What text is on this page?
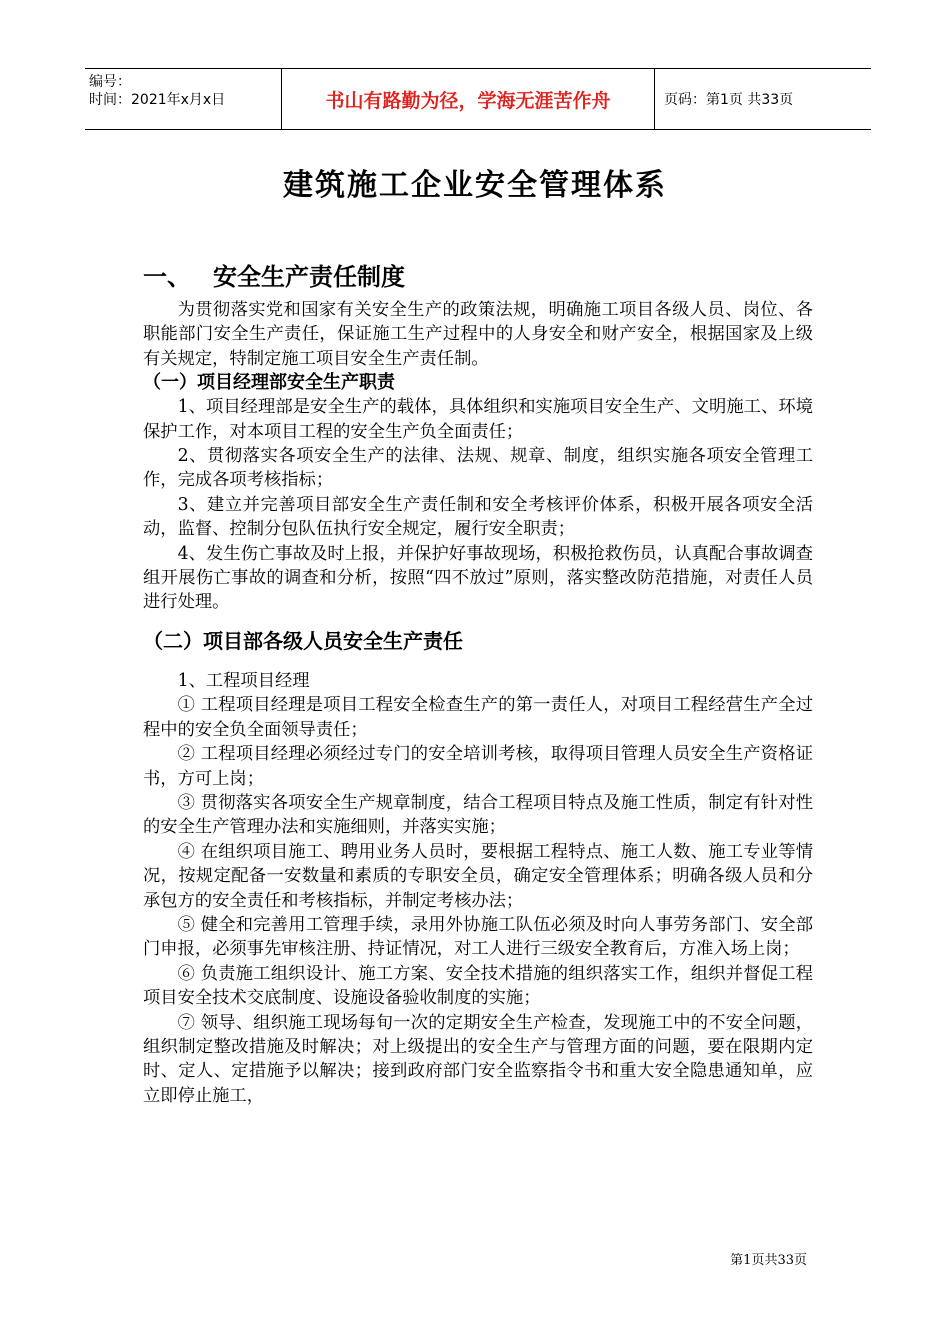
编号：
时间：2021年x月x日	书山有路勤为径，学海无涯苦作舟	页码：第1页 共33页
建筑施工企业安全管理体系
一、 安全生产责任制度

为贯彻落实党和国家有关安全生产的政策法规，明确施工项目各级人员、岗位、各职能部门安全生产责任，保证施工生产过程中的人身安全和财产安全，根据国家及上级有关规定，特制定施工项目安全生产责任制。

（一）项目经理部安全生产职责

1、项目经理部是安全生产的载体，具体组织和实施项目安全生产、文明施工、环境保护工作，对本项目工程的安全生产负全面责任；

2、贯彻落实各项安全生产的法律、法规、规章、制度，组织实施各项安全管理工作，完成各项考核指标；

3、建立并完善项目部安全生产责任制和安全考核评价体系，积极开展各项安全活动，监督、控制分包队伍执行安全规定，履行安全职责；

4、发生伤亡事故及时上报，并保护好事故现场，积极抢救伤员，认真配合事故调查组开展伤亡事故的调查和分析，按照“四不放过”原则，落实整改防范措施，对责任人员进行处理。

（二）项目部各级人员安全生产责任

1、工程项目经理

① 工程项目经理是项目工程安全检查生产的第一责任人，对项目工程经营生产全过程中的安全负全面领导责任；

② 工程项目经理必须经过专门的安全培训考核，取得项目管理人员安全生产资格证书，方可上岗；

③ 贯彻落实各项安全生产规章制度，结合工程项目特点及施工性质，制定有针对性的安全生产管理办法和实施细则，并落实实施；

④ 在组织项目施工、聘用业务人员时，要根据工程特点、施工人数、施工专业等情况，按规定配备一安数量和素质的专职安全员，确定安全管理体系；明确各级人员和分承包方的安全责任和考核指标，并制定考核办法；

⑤ 健全和完善用工管理手续，录用外协施工队伍必须及时向人事劳务部门、安全部门申报，必须事先审核注册、持证情况，对工人进行三级安全教育后，方准入场上岗；

⑥ 负责施工组织设计、施工方案、安全技术措施的组织落实工作，组织并督促工程项目安全技术交底制度、设施设备验收制度的实施；

⑦ 领导、组织施工现场每旬一次的定期安全生产检查，发现施工中的不安全问题，组织制定整改措施及时解决；对上级提出的安全生产与管理方面的问题，要在限期内定时、定人、定措施予以解决；接到政府部门安全监察指令书和重大安全隐患通知单，应立即停止施工，

第1页共33页
